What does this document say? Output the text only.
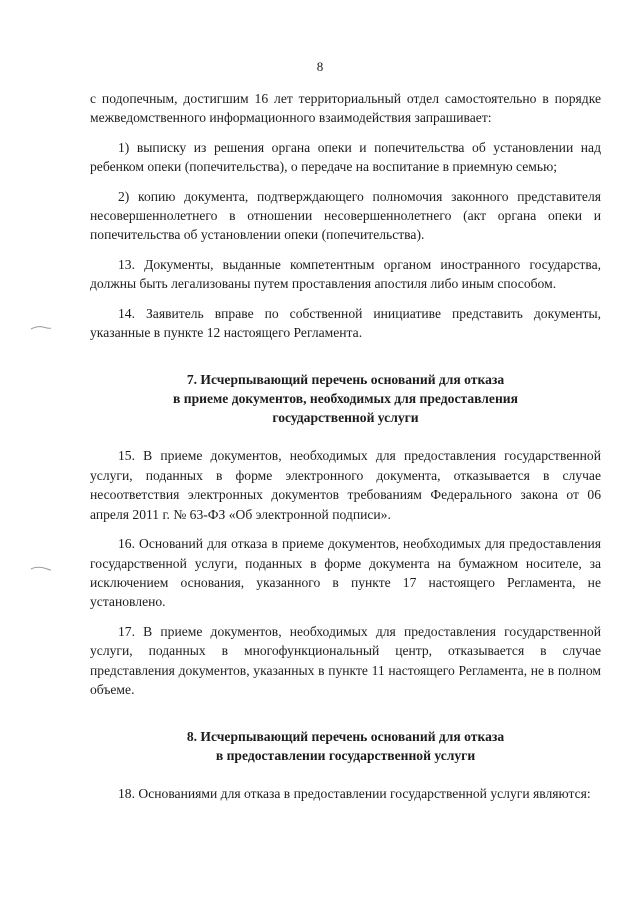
8

с подопечным, достигшим 16 лет территориальный отдел самостоятельно в порядке межведомственного информационного взаимодействия запрашивает:

1) выписку из решения органа опеки и попечительства об установлении над ребенком опеки (попечительства), о передаче на воспитание в приемную семью;

2) копию документа, подтверждающего полномочия законного представителя несовершеннолетнего в отношении несовершеннолетнего (акт органа опеки и попечительства об установлении опеки (попечительства).

13. Документы, выданные компетентным органом иностранного государства, должны быть легализованы путем проставления апостиля либо иным способом.

14. Заявитель вправе по собственной инициативе представить документы, указанные в пункте 12 настоящего Регламента.

7. Исчерпывающий перечень оснований для отказа
в приеме документов, необходимых для предоставления
государственной услуги

15. В приеме документов, необходимых для предоставления государственной услуги, поданных в форме электронного документа, отказывается в случае несоответствия электронных документов требованиям Федерального закона от 06 апреля 2011 г. № 63-ФЗ «Об электронной подписи».

16. Оснований для отказа в приеме документов, необходимых для предоставления государственной услуги, поданных в форме документа на бумажном носителе, за исключением основания, указанного в пункте 17 настоящего Регламента, не установлено.

17. В приеме документов, необходимых для предоставления государственной услуги, поданных в многофункциональный центр, отказывается в случае представления документов, указанных в пункте 11 настоящего Регламента, не в полном объеме.

8. Исчерпывающий перечень оснований для отказа
в предоставлении государственной услуги

18. Основаниями для отказа в предоставлении государственной услуги являются:
